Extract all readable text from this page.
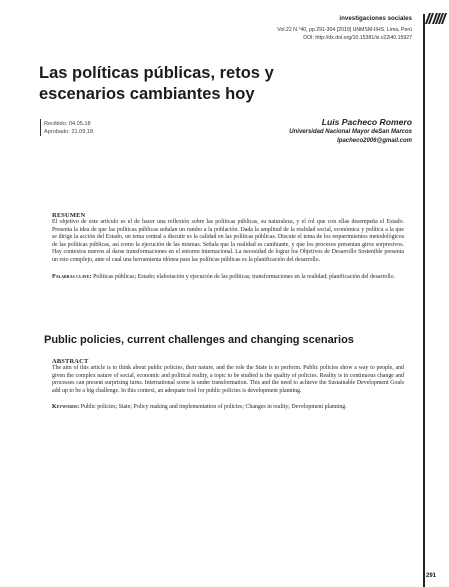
investigaciones sociales
Vol.22 N.°40, pp.291-304 [2019] UNMSM-IIHS. Lima, Perú
DOI: http://dx.doi.org/10.15381/is.v22i40.15927
Las políticas públicas, retos y escenarios cambiantes hoy
Recibido: 04.05.18
Aprobado: 21.09.18
Luis Pacheco Romero
Universidad Nacional Mayor deSan Marcos
lpacheco2006@gmail.com

RESUMEN

El objetivo de este artículo es el de hacer una reflexión sobre las políticas públicas, su naturaleza, y el rol que con ellas desempeña el Estado. Presenta la idea de que las políticas públicas señalan un rumbo a la población. Dada la amplitud de la realidad social, económica y política a la que se dirige la acción del Estado, un tema central a discutir es la calidad en las políticas públicas. Discute el tema de los requerimientos metodológicos de las políticas públicas, así como la ejecución de las mismas. Señala que la realidad es cambiante, y que los procesos presentan giros sorpresivos. Hay contextos nuevos al darse transformaciones en el entorno internacional. La necesidad de lograr los Objetivos de Desarrollo Sostenible presenta un reto complejo, ante el cual una herramienta idónea para las políticas públicas es la planificación del desarrollo.

Palabras clave: Políticas públicas; Estado; elaboración y ejecución de las políticas; transformaciones en la realidad; planificación del desarrollo.

Public policies, current challenges and changing scenarios

ABSTRACT

The aim of this article is to think about public policies, their nature, and the role the State is to perform. Public policies show a way to people, and given the complex nature of social, economic and political reality, a topic to be studied is the quality of policies. Reality is in continuous change and processes can present surprising turns. International scene is under transformation. This and the need to achieve the Sustainable Development Goals add up to be a big challenge. In this context, an adequate tool for public policies is development planning.

Keywords: Public policies; State; Policy making and implementation of policies; Changes in reality; Development planning.

291
